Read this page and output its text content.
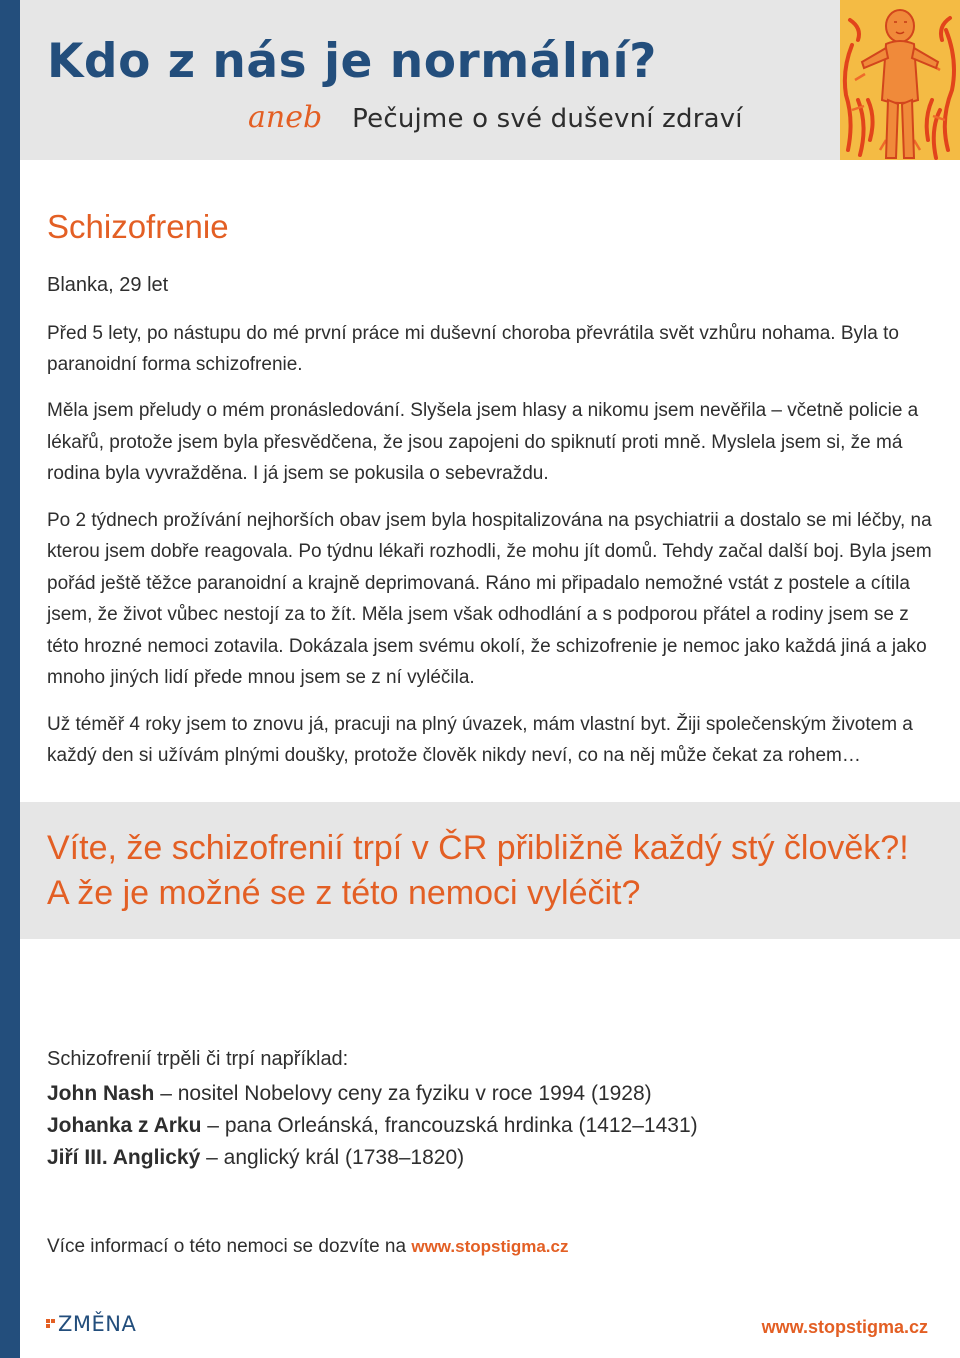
Kdo z nás je normální?
aneb Pečujme o své duševní zdraví
Schizofrenie
Blanka, 29 let

Před 5 lety, po nástupu do mé první práce mi duševní choroba převrátila svět vzhůru nohama. Byla to paranoidní forma schizofrenie.

Měla jsem přeludy o mém pronásledování. Slyšela jsem hlasy a nikomu jsem nevěřila – včetně policie a lékařů, protože jsem byla přesvědčena, že jsou zapojeni do spiknutí proti mně. Myslela jsem si, že má rodina byla vyvražděna. I já jsem se pokusila o sebevraždu.

Po 2 týdnech prožívání nejhorších obav jsem byla hospitalizována na psychiatrii a dostalo se mi léčby, na kterou jsem dobře reagovala. Po týdnu lékaři rozhodli, že mohu jít domů. Tehdy začal další boj. Byla jsem pořád ještě těžce paranoidní a krajně deprimovaná. Ráno mi připadalo nemožné vstát z postele a cítila jsem, že život vůbec nestojí za to žít. Měla jsem však odhodlání a s podporou přátel a rodiny jsem se z této hrozné nemoci zotavila. Dokázala jsem svému okolí, že schizofrenie je nemoc jako každá jiná a jako mnoho jiných lidí přede mnou jsem se z ní vyléčila.

Už téměř 4 roky jsem to znovu já, pracuji na plný úvazek, mám vlastní byt. Žiji společenským životem a každý den si užívám plnými doušky, protože člověk nikdy neví, co na něj může čekat za rohem…

Víte, že schizofrenií trpí v ČR přibližně každý stý člověk?!
A že je možné se z této nemoci vyléčit?
Schizofrenií trpěli či trpí například:
John Nash – nositel Nobelovy ceny za fyziku v roce 1994 (1928)
Johanka z Arku – pana Orleánská, francouzská hrdinka (1412–1431)
Jiří III. Anglický – anglický král (1738–1820)
Více informací o této nemoci se dozvíte na www.stopstigma.cz
ZMĚNA	www.stopstigma.cz
